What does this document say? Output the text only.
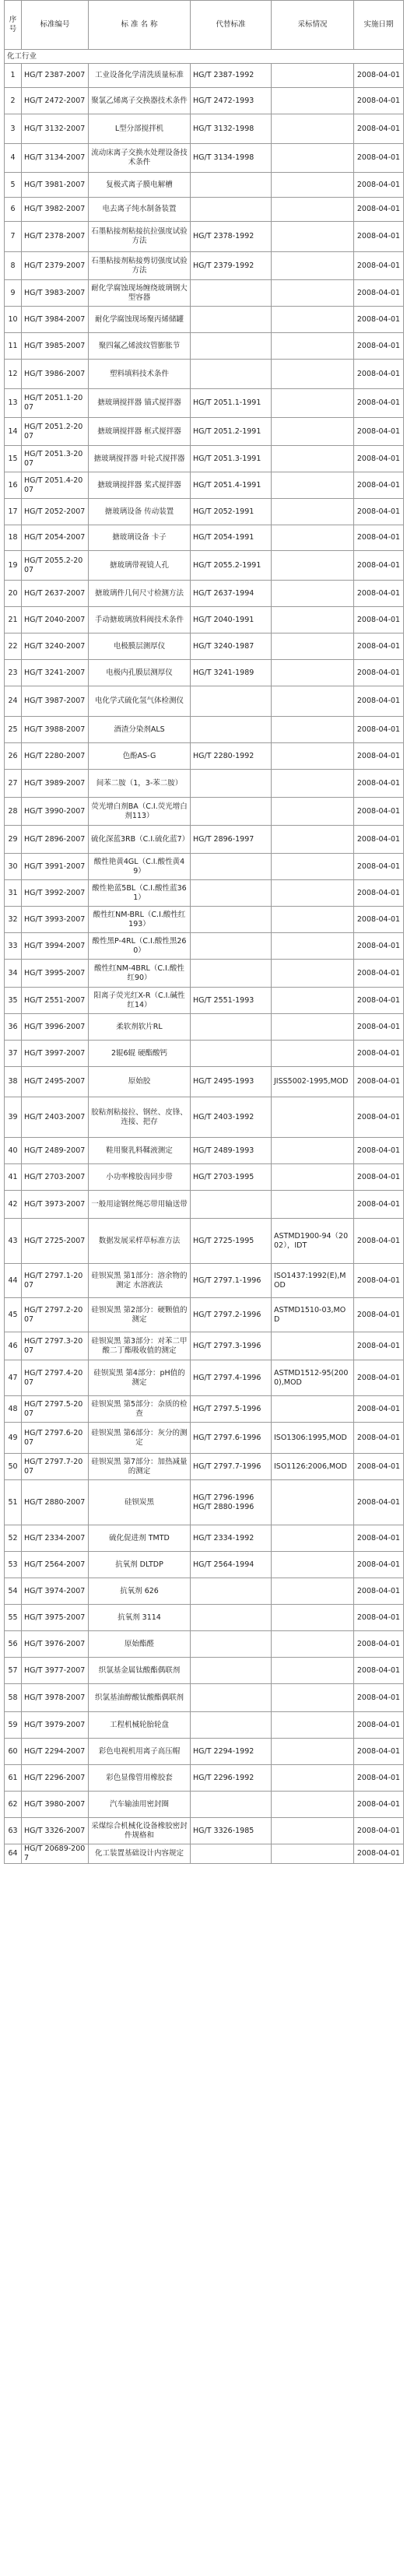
序号	标准编号	标 准 名 称	代替标准	采标情况	实施日期
化工行业					
1	HG/T 2387-2007	工业设备化学清洗质量标准	HG/T 2387-1992		2008-04-01
2	HG/T 2472-2007	聚氯乙烯离子交换器技术条件	HG/T 2472-1993		2008-04-01
3	HG/T 3132-2007	L型分部搅拌机	HG/T 3132-1998		2008-04-01
4	HG/T 3134-2007	流动床离子交换水处理设备技术条件	HG/T 3134-1998		2008-04-01
5	HG/T 3981-2007	复极式离子膜电解槽			2008-04-01
6	HG/T 3982-2007	电去离子纯水制备装置			2008-04-01
7	HG/T 2378-2007	石墨粘接剂粘接抗拉强度试验方法	HG/T 2378-1992		2008-04-01
8	HG/T 2379-2007	石墨粘接剂粘接剪切强度试验方法	HG/T 2379-1992		2008-04-01
9	HG/T 3983-2007	耐化学腐蚀现场缠绕玻璃钢大型容器			2008-04-01
10	HG/T 3984-2007	耐化学腐蚀现场聚丙烯储罐			2008-04-01
11	HG/T 3985-2007	聚四氟乙烯波纹管膨胀节			2008-04-01
12	HG/T 3986-2007	塑料填料技术条件			2008-04-01
13	HG/T 2051.1-2007	搪玻璃搅拌器 锚式搅拌器	HG/T 2051.1-1991		2008-04-01
14	HG/T 2051.2-2007	搪玻璃搅拌器 框式搅拌器	HG/T 2051.2-1991		2008-04-01
15	HG/T 2051.3-2007	搪玻璃搅拌器 叶轮式搅拌器	HG/T 2051.3-1991		2008-04-01
16	HG/T 2051.4-2007	搪玻璃搅拌器 桨式搅拌器	HG/T 2051.4-1991		2008-04-01
17	HG/T 2052-2007	搪玻璃设备 传动装置	HG/T 2052-1991		2008-04-01
18	HG/T 2054-2007	搪玻璃设备 卡子	HG/T 2054-1991		2008-04-01
19	HG/T 2055.2-2007	搪玻璃带视镜人孔	HG/T 2055.2-1991		2008-04-01
20	HG/T 2637-2007	搪玻璃件几何尺寸检测方法	HG/T 2637-1994		2008-04-01
21	HG/T 2040-2007	手动搪玻璃放料阀技术条件	HG/T 2040-1991		2008-04-01
22	HG/T 3240-2007	电极膜层测厚仪	HG/T 3240-1987		2008-04-01
23	HG/T 3241-2007	电极内孔膜层测厚仪	HG/T 3241-1989		2008-04-01
24	HG/T 3987-2007	电化学式硫化氢气体检测仪			2008-04-01
25	HG/T 3988-2007	酒渣分染剂ALS			2008-04-01
26	HG/T 2280-2007	色酚AS-G	HG/T 2280-1992		2008-04-01
27	HG/T 3989-2007	间苯二胺（1，3-苯二胺）			2008-04-01
28	HG/T 3990-2007	荧光增白剂BA（C.I.荧光增白剂113）			2008-04-01
29	HG/T 2896-2007	硫化深蓝3RB（C.I.硫化蓝7）	HG/T 2896-1997		2008-04-01
30	HG/T 3991-2007	酸性艳黄4GL（C.I.酸性黄49）			2008-04-01
31	HG/T 3992-2007	酸性艳蓝5BL（C.I.酸性蓝361）			2008-04-01
32	HG/T 3993-2007	酸性红NM-BRL（C.I.酸性红193）			2008-04-01
33	HG/T 3994-2007	酸性黑P-4RL（C.I.酸性黑260）			2008-04-01
34	HG/T 3995-2007	酸性红NM-4BRL（C.I.酸性红90）			2008-04-01
35	HG/T 2551-2007	阳离子荧光红X-R（C.I.碱性红14）	HG/T 2551-1993		2008-04-01
36	HG/T 3996-2007	柔软剂软片RL			2008-04-01
37	HG/T 3997-2007	2辊6辊 硬酯酸钙			2008-04-01
38	HG/T 2495-2007	原始胶	HG/T 2495-1993	JISS5002-1995,MOD	2008-04-01
39	HG/T 2403-2007	胶粘剂粘接拉、钢丝、皮锋、连接、把存	HG/T 2403-1992		2008-04-01
40	HG/T 2489-2007	鞋用聚乳料鞣液测定	HG/T 2489-1993		2008-04-01
41	HG/T 2703-2007	小功率橡胶齿同步带	HG/T 2703-1995		2008-04-01
42	HG/T 3973-2007	一般用途钢丝绳芯带用输送带			2008-04-01
43	HG/T 2725-2007	数据发展采样草标准方法	HG/T 2725-1995	ASTMD1900-94（2002），IDT	2008-04-01
44	HG/T 2797.1-2007	硅钡炭黑 第1部分：溶余物的测定 水溶液法	HG/T 2797.1-1996	ISO1437:1992(E),MOD	2008-04-01
45	HG/T 2797.2-2007	硅钡炭黑 第2部分：硬颗值的测定	HG/T 2797.2-1996	ASTMD1510-03,MOD	2008-04-01
46	HG/T 2797.3-2007	硅钡炭黑 第3部分：对苯二甲酸二丁酯吸收值的测定	HG/T 2797.3-1996		2008-04-01
47	HG/T 2797.4-2007	硅钡炭黑 第4部分：pH值的测定	HG/T 2797.4-1996	ASTMD1512-95(2000),MOD	2008-04-01
48	HG/T 2797.5-2007	硅钡炭黑 第5部分：杂质的检查	HG/T 2797.5-1996		2008-04-01
49	HG/T 2797.6-2007	硅钡炭黑 第6部分：灰分的测定	HG/T 2797.6-1996	ISO1306:1995,MOD	2008-04-01
50	HG/T 2797.7-2007	硅钡炭黑 第7部分：加热减量的测定	HG/T 2797.7-1996	ISO1126:2006,MOD	2008-04-01
51	HG/T 2880-2007	硅钡炭黑	HG/T 2796-1996
HG/T 2880-1996		2008-04-01
52	HG/T 2334-2007	硫化促进剂 TMTD	HG/T 2334-1992		2008-04-01
53	HG/T 2564-2007	抗氧剂 DLTDP	HG/T 2564-1994		2008-04-01
54	HG/T 3974-2007	抗氧剂 626			2008-04-01
55	HG/T 3975-2007	抗氧剂 3114			2008-04-01
56	HG/T 3976-2007	原始酯醛			2008-04-01
57	HG/T 3977-2007	织氯基金属钛酸酯偶联剂			2008-04-01
58	HG/T 3978-2007	织氯基油醇酸钛酸酯偶联剂			2008-04-01
59	HG/T 3979-2007	工程机械轮胎轮盘			2008-04-01
60	HG/T 2294-2007	彩色电视机用离子高压帽	HG/T 2294-1992		2008-04-01
61	HG/T 2296-2007	彩色显像管用橡胶套	HG/T 2296-1992		2008-04-01
62	HG/T 3980-2007	汽车输油用密封圈			2008-04-01
63	HG/T 3326-2007	采煤综合机械化设备橡胶密封件规格和	HG/T 3326-1985		2008-04-01
64	HG/T 20689-2007	化工装置基础设计内容规定			2008-04-01
